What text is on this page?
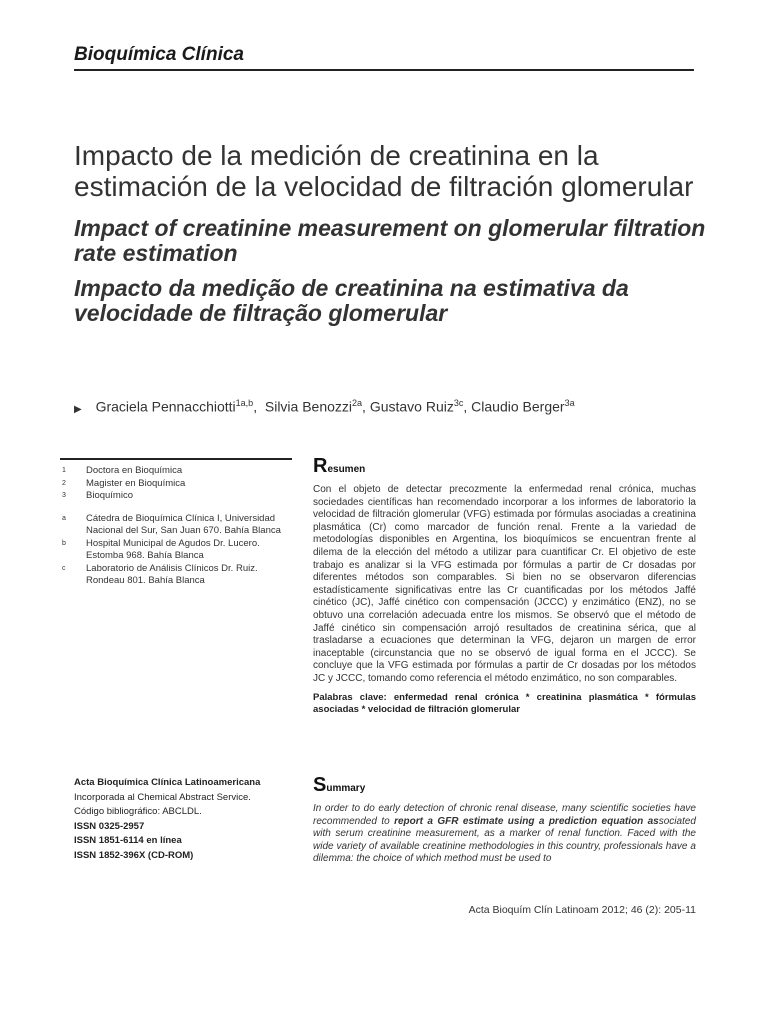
Bioquímica Clínica
Impacto de la medición de creatinina en la estimación de la velocidad de filtración glomerular
Impact of creatinine measurement on glomerular filtration rate estimation
Impacto da medição de creatinina na estimativa da velocidade de filtração glomerular
▶ Graciela Pennacchiotti$^{1a,b}$,  Silvia Benozzi$^{2a}$, Gustavo Ruiz$^{3c}$, Claudio Berger$^{3a}$
1	Doctora en Bioquímica
2	Magister en Bioquímica
3	Bioquímico
a	Cátedra de Bioquímica Clínica I, Universidad Nacional del Sur, San Juan 670. Bahía Blanca
b	Hospital Municipal de Agudos Dr. Lucero. Estomba 968. Bahía Blanca
c	Laboratorio de Análisis Clínicos Dr. Ruiz. Rondeau 801. Bahía Blanca
Acta Bioquímica Clínica Latinoamericana
Incorporada al Chemical Abstract Service.
Código bibliográfico: ABCLDL.
ISSN 0325-2957
ISSN 1851-6114 en línea
ISSN 1852-396X (CD-ROM)
Resumen

Con el objeto de detectar precozmente la enfermedad renal crónica, muchas sociedades científicas han recomendado incorporar a los informes de laboratorio la velocidad de filtración glomerular (VFG) estimada por fórmulas asociadas a creatinina plasmática (Cr) como marcador de función renal. Frente a la variedad de metodologías disponibles en Argentina, los bioquímicos se encuentran frente al dilema de la elección del método a utilizar para cuantificar Cr. El objetivo de este trabajo es analizar si la VFG estimada por fórmulas a partir de Cr dosadas por diferentes métodos son comparables. Si bien no se observaron diferencias estadísticamente significativas entre las Cr cuantificadas por los métodos Jaffé cinético (JC), Jaffé cinético con compensación (JCCC) y enzimático (ENZ), no se obtuvo una correlación adecuada entre los mismos. Se observó que el método de Jaffé cinético sin compensación arrojó resultados de creatinina sérica, que al trasladarse a ecuaciones que determinan la VFG, dejaron un margen de error inaceptable (circunstancia que no se observó de igual forma en el JCCC). Se concluye que la VFG estimada por fórmulas a partir de Cr dosadas por los métodos JC y JCCC, tomando como referencia el método enzimático, no son comparables.

Palabras clave: enfermedad renal crónica * creatinina plasmática * fórmulas asociadas * velocidad de filtración glomerular
Summary

In order to do early detection of chronic renal disease, many scientific societies have recommended to report a GFR estimate using a prediction equation associated with serum creatinine measurement, as a marker of renal function. Faced with the wide variety of available creatinine methodologies in this country, professionals have a dilemma: the choice of which method must be used to

Acta Bioquím Clín Latinoam 2012; 46 (2): 205-11
